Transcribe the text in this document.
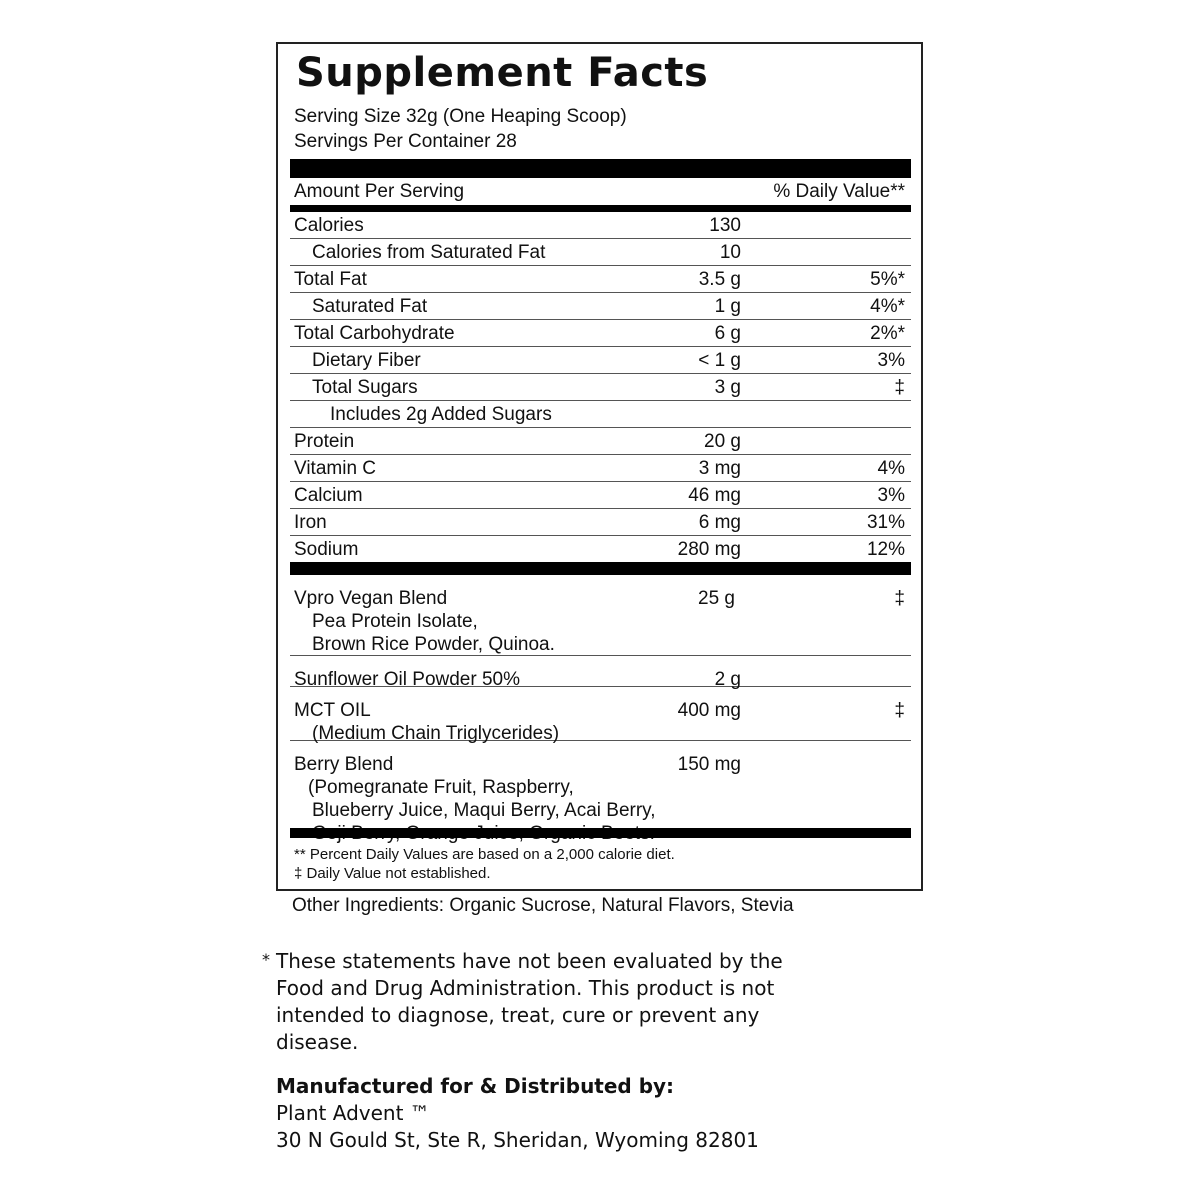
Supplement Facts
Serving Size 32g (One Heaping Scoop)
Servings Per Container 28
Amount Per Serving	% Daily Value**
Calories	130
Calories from Saturated Fat	10
Total Fat	3.5 g	5%*
Saturated Fat	1 g	4%*
Total Carbohydrate	6 g	2%*
Dietary Fiber	< 1 g	3%
Total Sugars	3 g	‡
Includes 2g Added Sugars
Protein	20 g
Vitamin C	3 mg	4%
Calcium	46 mg	3%
Iron	6 mg	31%
Sodium	280 mg	12%
Vpro Vegan Blend	25 g	‡
Pea Protein Isolate,
Brown Rice Powder, Quinoa.
Sunflower Oil Powder 50%	2 g
MCT OIL	400 mg	‡
(Medium Chain Triglycerides)
Berry Blend	150 mg
(Pomegranate Fruit, Raspberry,
Blueberry Juice, Maqui Berry, Acai Berry,
** Percent Daily Values are based on a 2,000 calorie diet.
‡ Daily Value not established.
Other Ingredients: Organic Sucrose, Natural Flavors, Stevia
* These statements have not been evaluated by the
Food and Drug Administration. This product is not
intended to diagnose, treat, cure or prevent any
disease.
Manufactured for & Distributed by:
Plant Advent ™
30 N Gould St, Ste R, Sheridan, Wyoming 82801
